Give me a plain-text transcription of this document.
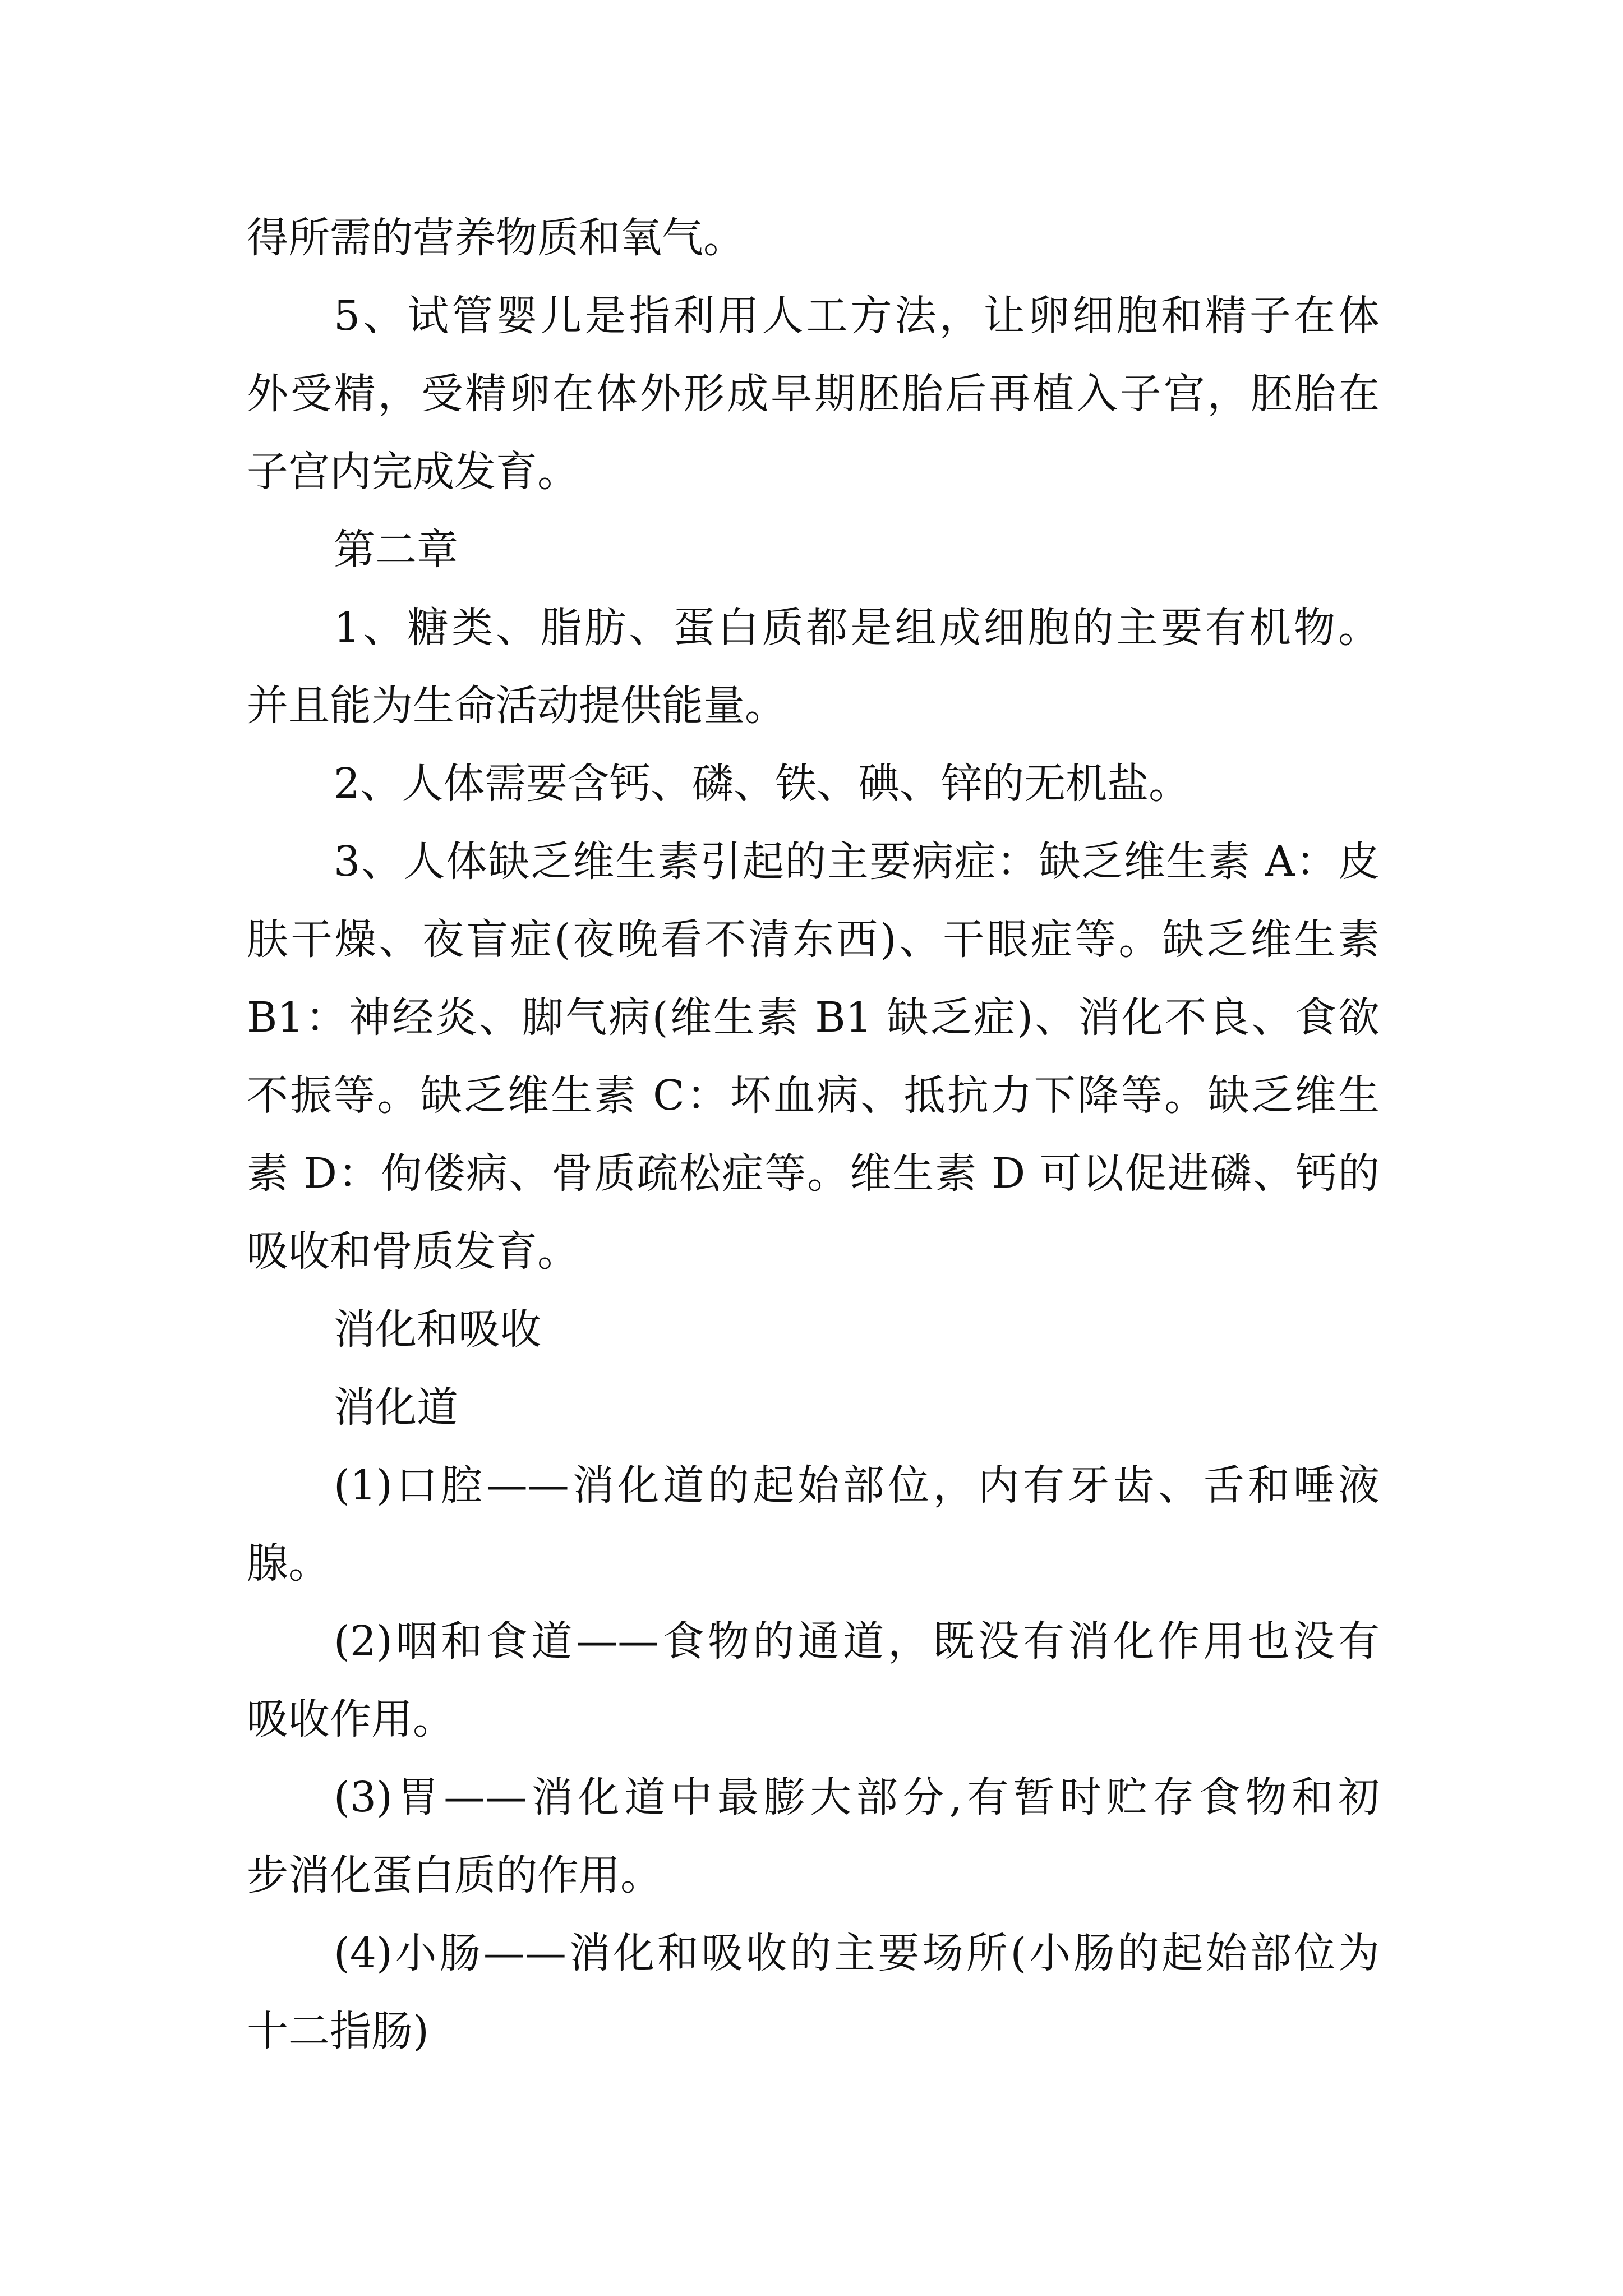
得所需的营养物质和氧气。
5、试管婴儿是指利用人工方法，让卵细胞和精子在体
外受精，受精卵在体外形成早期胚胎后再植入子宫，胚胎在
子宫内完成发育。
第二章
1、糖类、脂肪、蛋白质都是组成细胞的主要有机物。
并且能为生命活动提供能量。
2、人体需要含钙、磷、铁、碘、锌的无机盐。
3、人体缺乏维生素引起的主要病症：缺乏维生素 A：皮
肤干燥、夜盲症(夜晚看不清东西)、干眼症等。缺乏维生素
B1：神经炎、脚气病(维生素 B1 缺乏症)、消化不良、食欲
不振等。缺乏维生素 C：坏血病、抵抗力下降等。缺乏维生
素 D：佝偻病、骨质疏松症等。维生素 D 可以促进磷、钙的
吸收和骨质发育。
消化和吸收
消化道
(1)口腔——消化道的起始部位，内有牙齿、舌和唾液
腺。
(2)咽和食道——食物的通道，既没有消化作用也没有
吸收作用。
(3)胃——消化道中最膨大部分,有暂时贮存食物和初
步消化蛋白质的作用。
(4)小肠——消化和吸收的主要场所(小肠的起始部位为
十二指肠)
